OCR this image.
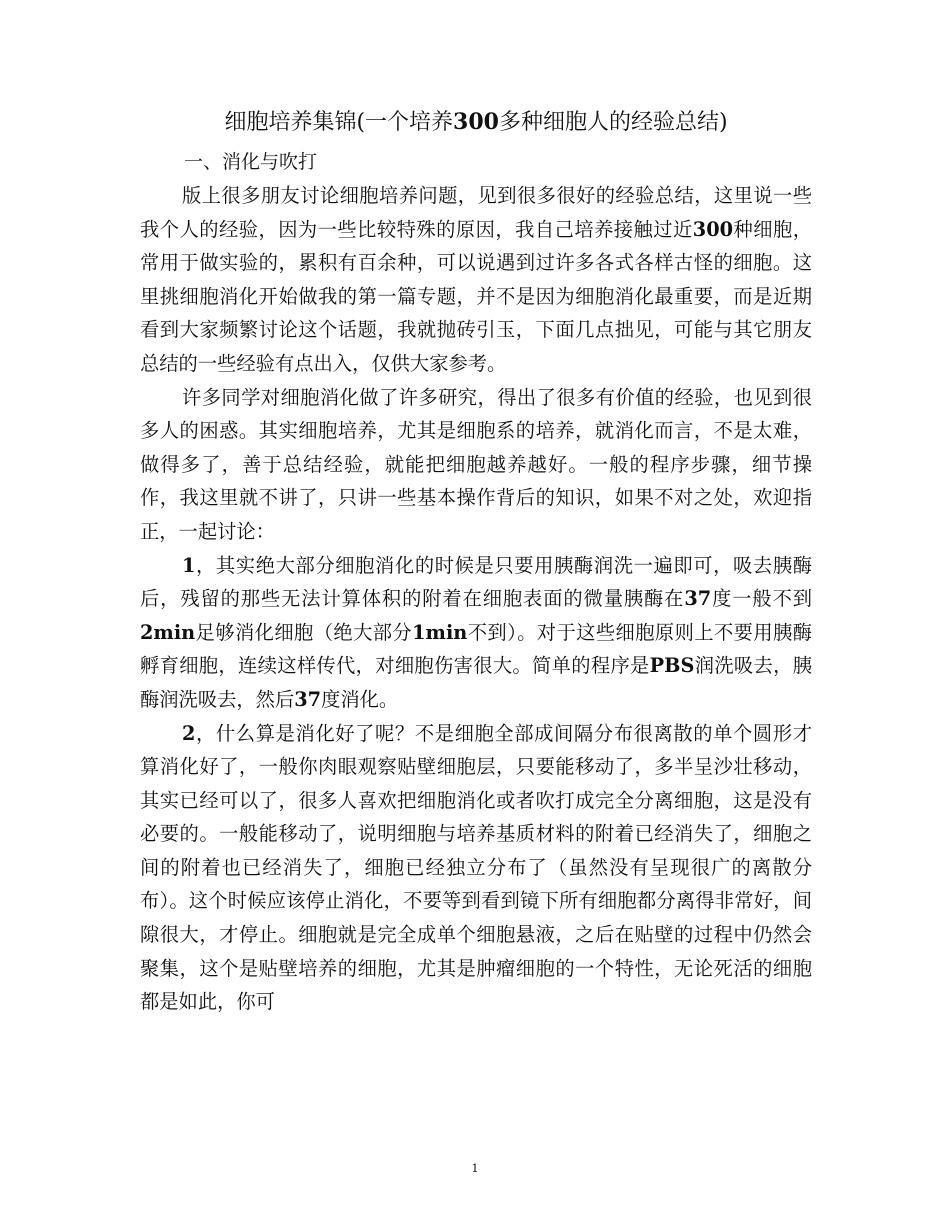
细胞培养集锦(一个培养300多种细胞人的经验总结)

一、消化与吹打

版上很多朋友讨论细胞培养问题，见到很多很好的经验总结，这里说一些我个人的经验，因为一些比较特殊的原因，我自己培养接触过近300种细胞，常用于做实验的，累积有百余种，可以说遇到过许多各式各样古怪的细胞。这里挑细胞消化开始做我的第一篇专题，并不是因为细胞消化最重要，而是近期看到大家频繁讨论这个话题，我就抛砖引玉，下面几点拙见，可能与其它朋友总结的一些经验有点出入，仅供大家参考。

许多同学对细胞消化做了许多研究，得出了很多有价值的经验，也见到很多人的困惑。其实细胞培养，尤其是细胞系的培养，就消化而言，不是太难，做得多了，善于总结经验，就能把细胞越养越好。一般的程序步骤，细节操作，我这里就不讲了，只讲一些基本操作背后的知识，如果不对之处，欢迎指正，一起讨论：

1，其实绝大部分细胞消化的时候是只要用胰酶润洗一遍即可，吸去胰酶后，残留的那些无法计算体积的附着在细胞表面的微量胰酶在37度一般不到2min足够消化细胞（绝大部分1min不到）。对于这些细胞原则上不要用胰酶孵育细胞，连续这样传代，对细胞伤害很大。简单的程序是PBS润洗吸去，胰酶润洗吸去，然后37度消化。

2，什么算是消化好了呢？不是细胞全部成间隔分布很离散的单个圆形才算消化好了，一般你肉眼观察贴壁细胞层，只要能移动了，多半呈沙壮移动，其实已经可以了，很多人喜欢把细胞消化或者吹打成完全分离细胞，这是没有必要的。一般能移动了，说明细胞与培养基质材料的附着已经消失了，细胞之间的附着也已经消失了，细胞已经独立分布了（虽然没有呈现很广的离散分布）。这个时候应该停止消化，不要等到看到镜下所有细胞都分离得非常好，间隙很大，才停止。细胞就是完全成单个细胞悬液，之后在贴壁的过程中仍然会聚集，这个是贴壁培养的细胞，尤其是肿瘤细胞的一个特性，无论死活的细胞都是如此，你可

1
